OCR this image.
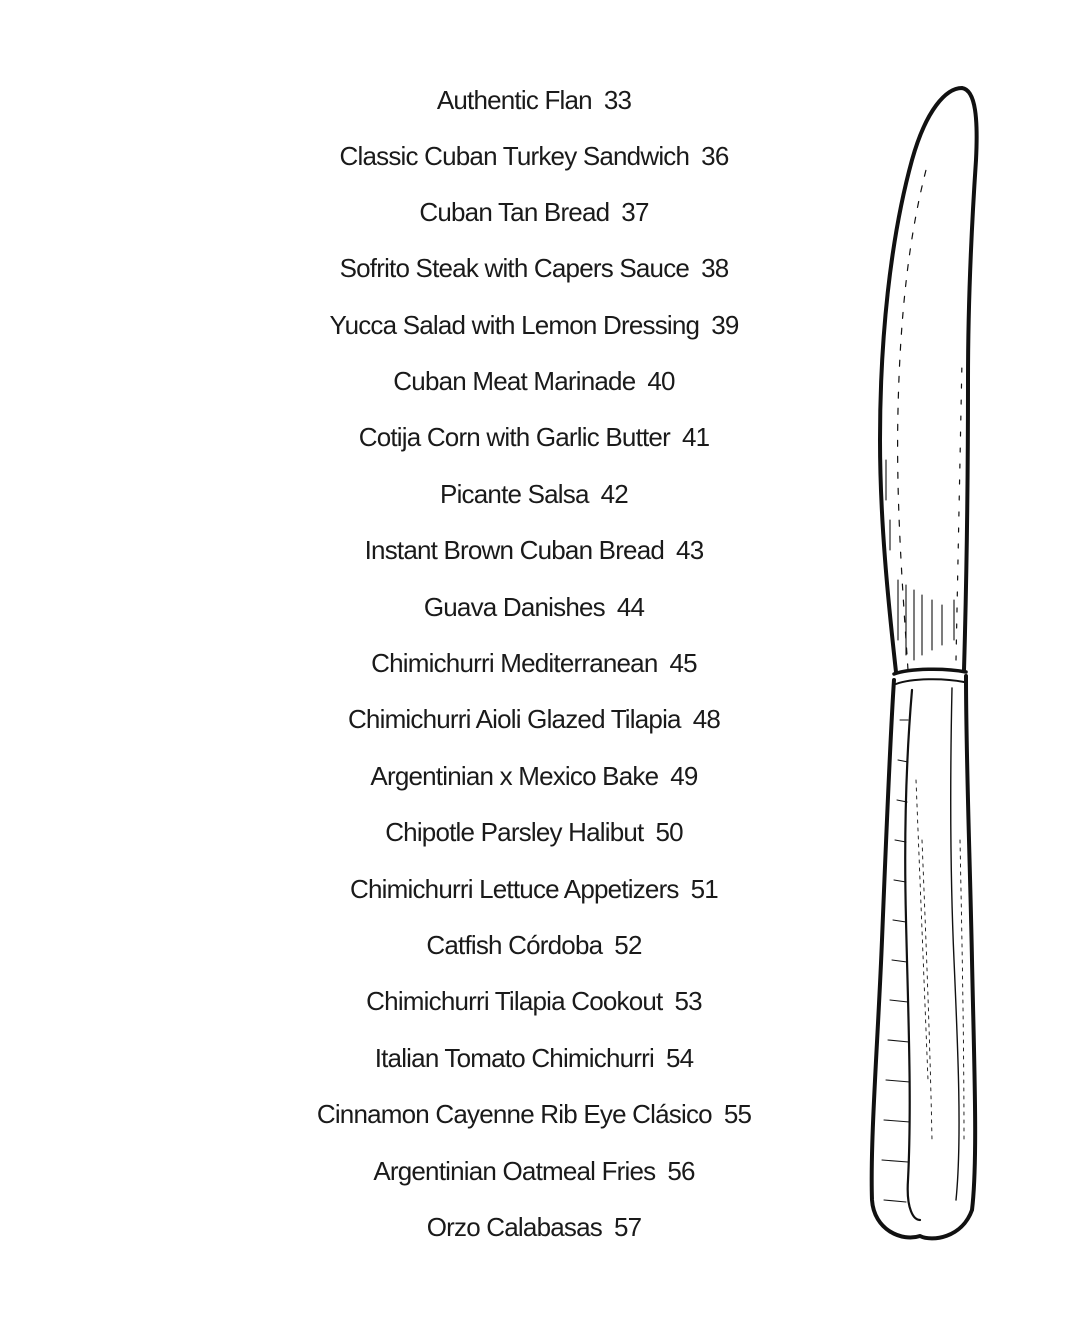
Authentic Flan 33
Classic Cuban Turkey Sandwich 36
Cuban Tan Bread 37
Sofrito Steak with Capers Sauce 38
Yucca Salad with Lemon Dressing 39
Cuban Meat Marinade 40
Cotija Corn with Garlic Butter 41
Picante Salsa 42
Instant Brown Cuban Bread 43
Guava Danishes 44
Chimichurri Mediterranean 45
Chimichurri Aioli Glazed Tilapia 48
Argentinian x Mexico Bake 49
Chipotle Parsley Halibut 50
Chimichurri Lettuce Appetizers 51
Catfish Córdoba 52
Chimichurri Tilapia Cookout 53
Italian Tomato Chimichurri 54
Cinnamon Cayenne Rib Eye Clásico 55
Argentinian Oatmeal Fries 56
Orzo Calabasas 57
